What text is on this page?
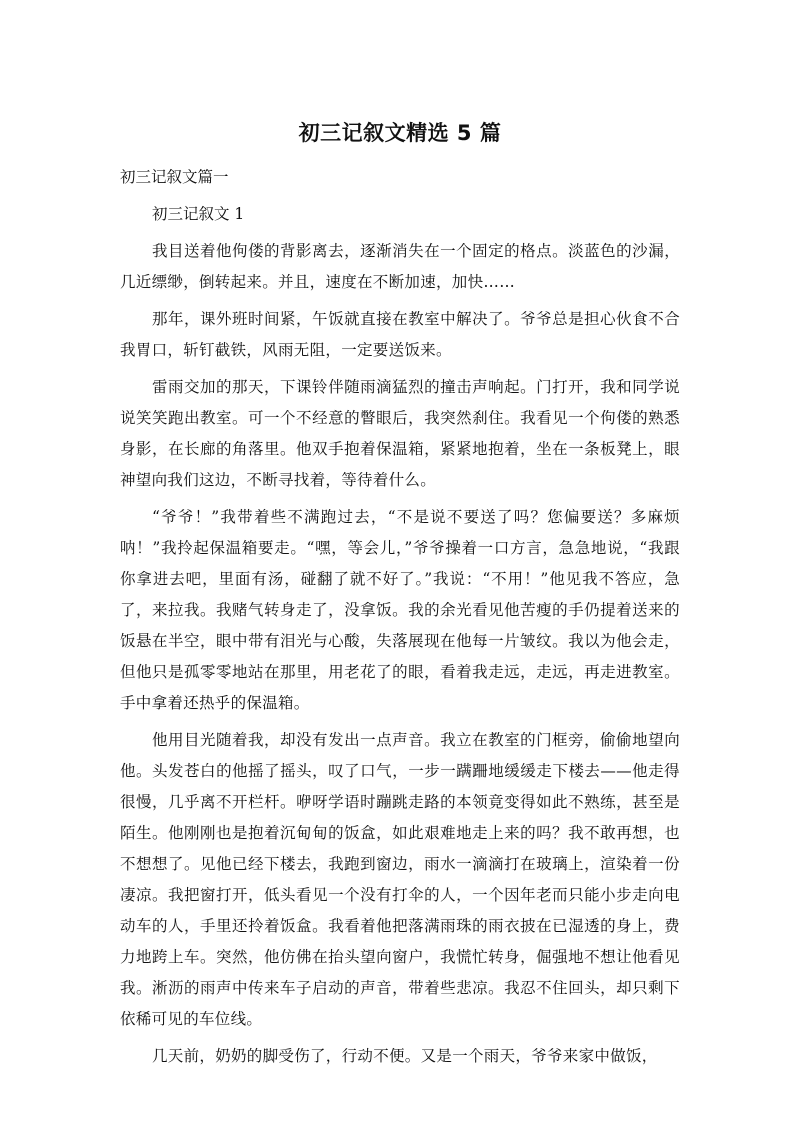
初三记叙文精选 5 篇
初三记叙文篇一
初三记叙文 1

我目送着他佝偻的背影离去，逐渐消失在一个固定的格点。淡蓝色的沙漏，几近缥缈，倒转起来。并且，速度在不断加速，加快……

那年，课外班时间紧，午饭就直接在教室中解决了。爷爷总是担心伙食不合我胃口，斩钉截铁，风雨无阻，一定要送饭来。

雷雨交加的那天，下课铃伴随雨滴猛烈的撞击声响起。门打开，我和同学说说笑笑跑出教室。可一个不经意的瞥眼后，我突然刹住。我看见一个佝偻的熟悉身影，在长廊的角落里。他双手抱着保温箱，紧紧地抱着，坐在一条板凳上，眼神望向我们这边，不断寻找着，等待着什么。

“爷爷！”我带着些不满跑过去，“不是说不要送了吗？您偏要送？多麻烦呐！”我拎起保温箱要走。“嘿，等会儿，”爷爷操着一口方言，急急地说，“我跟你拿进去吧，里面有汤，碰翻了就不好了。”我说：“不用！”他见我不答应，急了，来拉我。我赌气转身走了，没拿饭。我的余光看见他苦瘦的手仍提着送来的饭悬在半空，眼中带有泪光与心酸，失落展现在他每一片皱纹。我以为他会走，但他只是孤零零地站在那里，用老花了的眼，看着我走远，走远，再走进教室。手中拿着还热乎的保温箱。

他用目光随着我，却没有发出一点声音。我立在教室的门框旁，偷偷地望向他。头发苍白的他摇了摇头，叹了口气，一步一蹒跚地缓缓走下楼去——他走得很慢，几乎离不开栏杆。咿呀学语时蹦跳走路的本领竟变得如此不熟练，甚至是陌生。他刚刚也是抱着沉甸甸的饭盒，如此艰难地走上来的吗？我不敢再想，也不想想了。见他已经下楼去，我跑到窗边，雨水一滴滴打在玻璃上，渲染着一份凄凉。我把窗打开，低头看见一个没有打伞的人，一个因年老而只能小步走向电动车的人，手里还拎着饭盒。我看着他把落满雨珠的雨衣披在已湿透的身上，费力地跨上车。突然，他仿佛在抬头望向窗户，我慌忙转身，倔强地不想让他看见我。淅沥的雨声中传来车子启动的声音，带着些悲凉。我忍不住回头，却只剩下依稀可见的车位线。

几天前，奶奶的脚受伤了，行动不便。又是一个雨天，爷爷来家中做饭，
